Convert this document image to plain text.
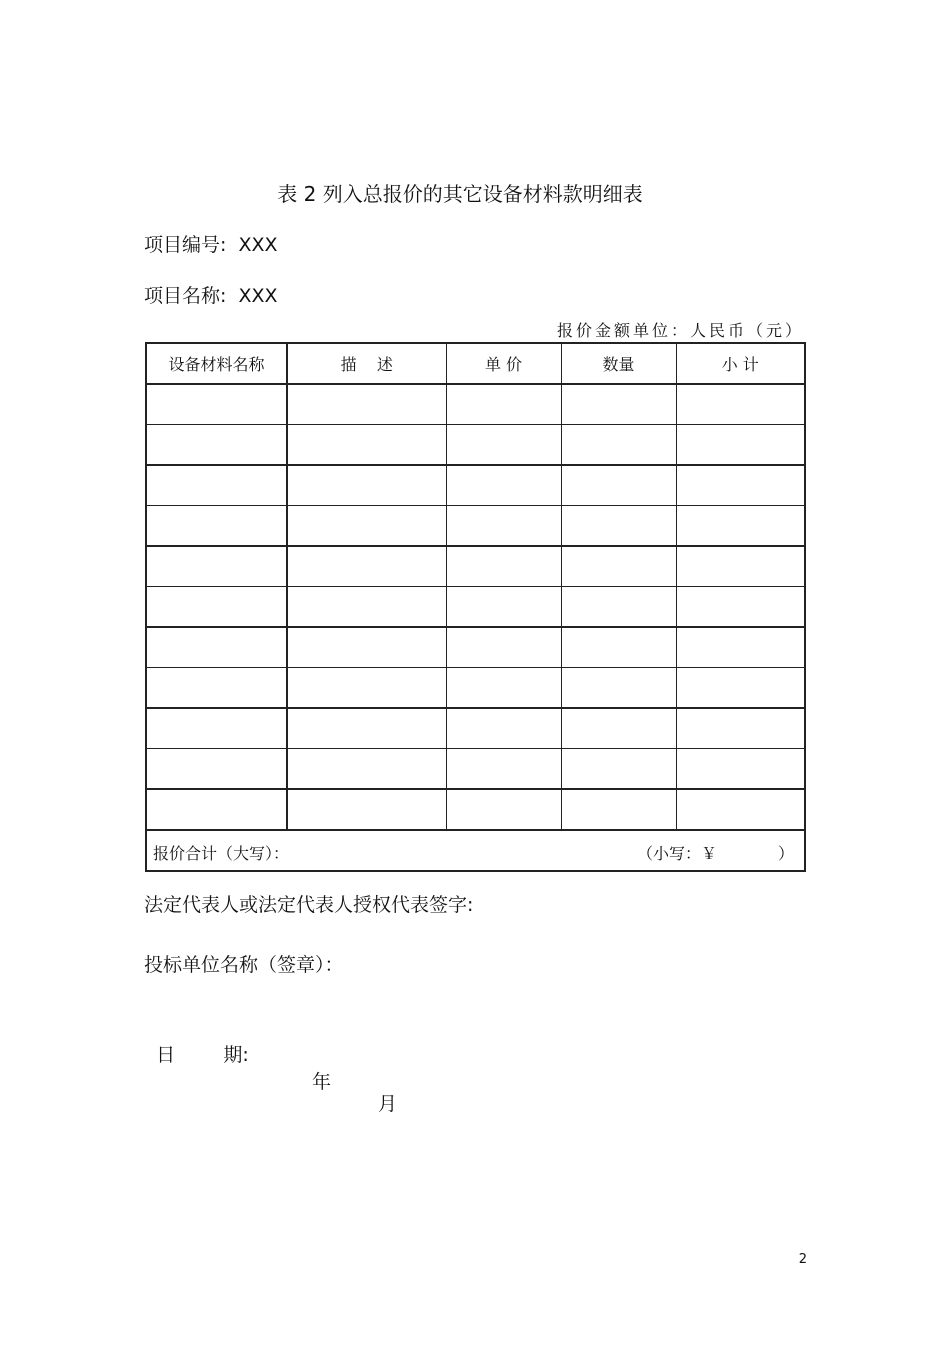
表 2 列入总报价的其它设备材料款明细表
项目编号: XXX
项目名称: XXX
报价金额单位：人民币（元）
设备材料名称	描    述	单 价	数量	小 计

报价合计（大写）： （小写：￥            ）				
法定代表人或法定代表人授权代表签字:
投标单位名称（签章）：

日        期:

年

月

2
